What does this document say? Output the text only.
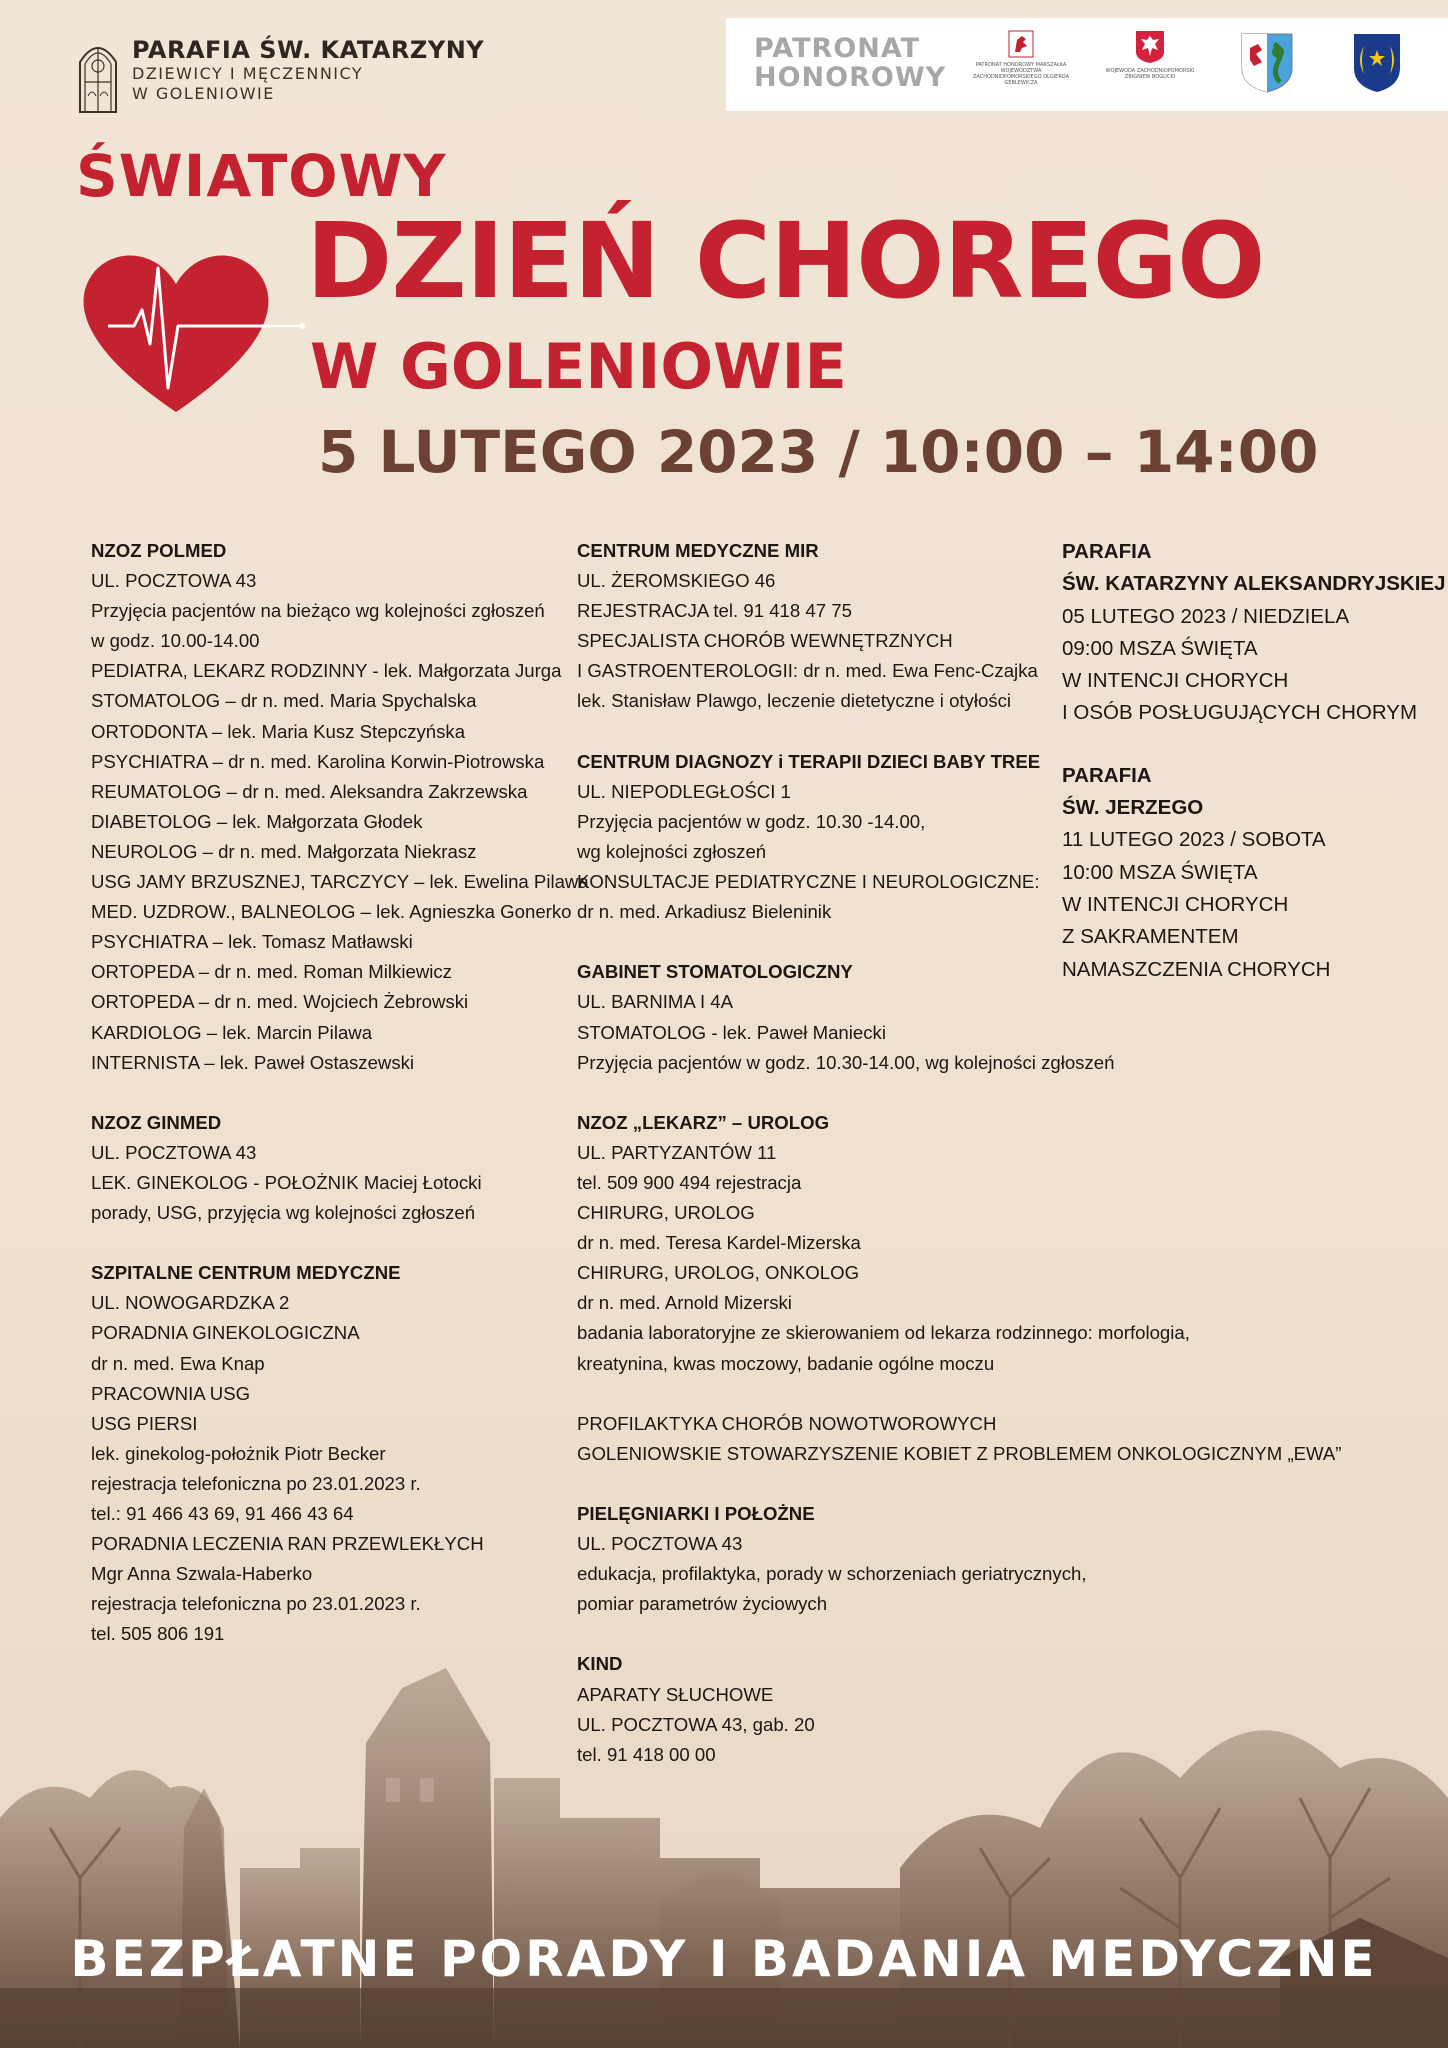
PARAFIA ŚW. KATARZYNY
DZIEWICY I MĘCZENNICY
W GOLENIOWIE
PATRONAT
HONOROWY	PATRONAT HONOROWY MARSZAŁKA WOJEWÓDZTWA ZACHODNIOPOMORSKIEGO OLGIERDA GEBLEWICZA
WOJEWODA ZACHODNIOPOMORSKI ZBIGNIEW BOGUCKI
ŚWIATOWY
DZIEŃ CHOREGO
W GOLENIOWIE
5 LUTEGO 2023 / 10:00 – 14:00
NZOZ POLMED
UL. POCZTOWA 43
Przyjęcia pacjentów na bieżąco wg kolejności zgłoszeń
w godz. 10.00-14.00
PEDIATRA, LEKARZ RODZINNY - lek. Małgorzata Jurga
STOMATOLOG – dr n. med. Maria Spychalska
ORTODONTA – lek. Maria Kusz Stepczyńska
PSYCHIATRA – dr n. med. Karolina Korwin-Piotrowska
REUMATOLOG – dr n. med. Aleksandra Zakrzewska
DIABETOLOG – lek. Małgorzata Głodek
NEUROLOG – dr n. med. Małgorzata Niekrasz
USG JAMY BRZUSZNEJ, TARCZYCY – lek. Ewelina Pilawa
MED. UZDROW., BALNEOLOG – lek. Agnieszka Gonerko
PSYCHIATRA – lek. Tomasz Matławski
ORTOPEDA – dr n. med. Roman Milkiewicz
ORTOPEDA – dr n. med. Wojciech Żebrowski
KARDIOLOG – lek. Marcin Pilawa
INTERNISTA – lek. Paweł Ostaszewski
NZOZ GINMED
UL. POCZTOWA 43
LEK. GINEKOLOG - POŁOŻNIK Maciej Łotocki
porady, USG, przyjęcia wg kolejności zgłoszeń
SZPITALNE CENTRUM MEDYCZNE
UL. NOWOGARDZKA 2
PORADNIA GINEKOLOGICZNA
dr n. med. Ewa Knap
PRACOWNIA USG
USG PIERSI
lek. ginekolog-położnik Piotr Becker
rejestracja telefoniczna po 23.01.2023 r.
tel.: 91 466 43 69, 91 466 43 64
PORADNIA LECZENIA RAN PRZEWLEKŁYCH
Mgr Anna Szwala-Haberko
rejestracja telefoniczna po 23.01.2023 r.
tel. 505 806 191
CENTRUM MEDYCZNE MIR
UL. ŻEROMSKIEGO 46
REJESTRACJA tel. 91 418 47 75
SPECJALISTA CHORÓB WEWNĘTRZNYCH
I GASTROENTEROLOGII: dr n. med. Ewa Fenc-Czajka
lek. Stanisław Plawgo, leczenie dietetyczne i otyłości
CENTRUM DIAGNOZY i TERAPII DZIECI BABY TREE
UL. NIEPODLEGŁOŚCI 1
Przyjęcia pacjentów w godz. 10.30 -14.00,
wg kolejności zgłoszeń
KONSULTACJE PEDIATRYCZNE I NEUROLOGICZNE:
dr n. med. Arkadiusz Bieleninik
GABINET STOMATOLOGICZNY
UL. BARNIMA I 4A
STOMATOLOG - lek. Paweł Maniecki
Przyjęcia pacjentów w godz. 10.30-14.00, wg kolejności zgłoszeń
NZOZ „LEKARZ” – UROLOG
UL. PARTYZANTÓW 11
tel. 509 900 494 rejestracja
CHIRURG, UROLOG
dr n. med. Teresa Kardel-Mizerska
CHIRURG, UROLOG, ONKOLOG
dr n. med. Arnold Mizerski
badania laboratoryjne ze skierowaniem od lekarza rodzinnego: morfologia,
kreatynina, kwas moczowy, badanie ogólne moczu
PROFILAKTYKA CHORÓB NOWOTWOROWYCH
GOLENIOWSKIE STOWARZYSZENIE KOBIET Z PROBLEMEM ONKOLOGICZNYM „EWA”
PIELĘGNIARKI I POŁOŻNE
UL. POCZTOWA 43
edukacja, profilaktyka, porady w schorzeniach geriatrycznych,
pomiar parametrów życiowych
KIND
APARATY SŁUCHOWE
UL. POCZTOWA 43, gab. 20
tel. 91 418 00 00
PARAFIA
ŚW. KATARZYNY ALEKSANDRYJSKIEJ
05 LUTEGO 2023 / NIEDZIELA
09:00 MSZA ŚWIĘTA
W INTENCJI CHORYCH
I OSÓB POSŁUGUJĄCYCH CHORYM
PARAFIA
ŚW. JERZEGO
11 LUTEGO 2023 / SOBOTA
10:00 MSZA ŚWIĘTA
W INTENCJI CHORYCH
Z SAKRAMENTEM
NAMASZCZENIA CHORYCH
BEZPŁATNE PORADY I BADANIA MEDYCZNE
